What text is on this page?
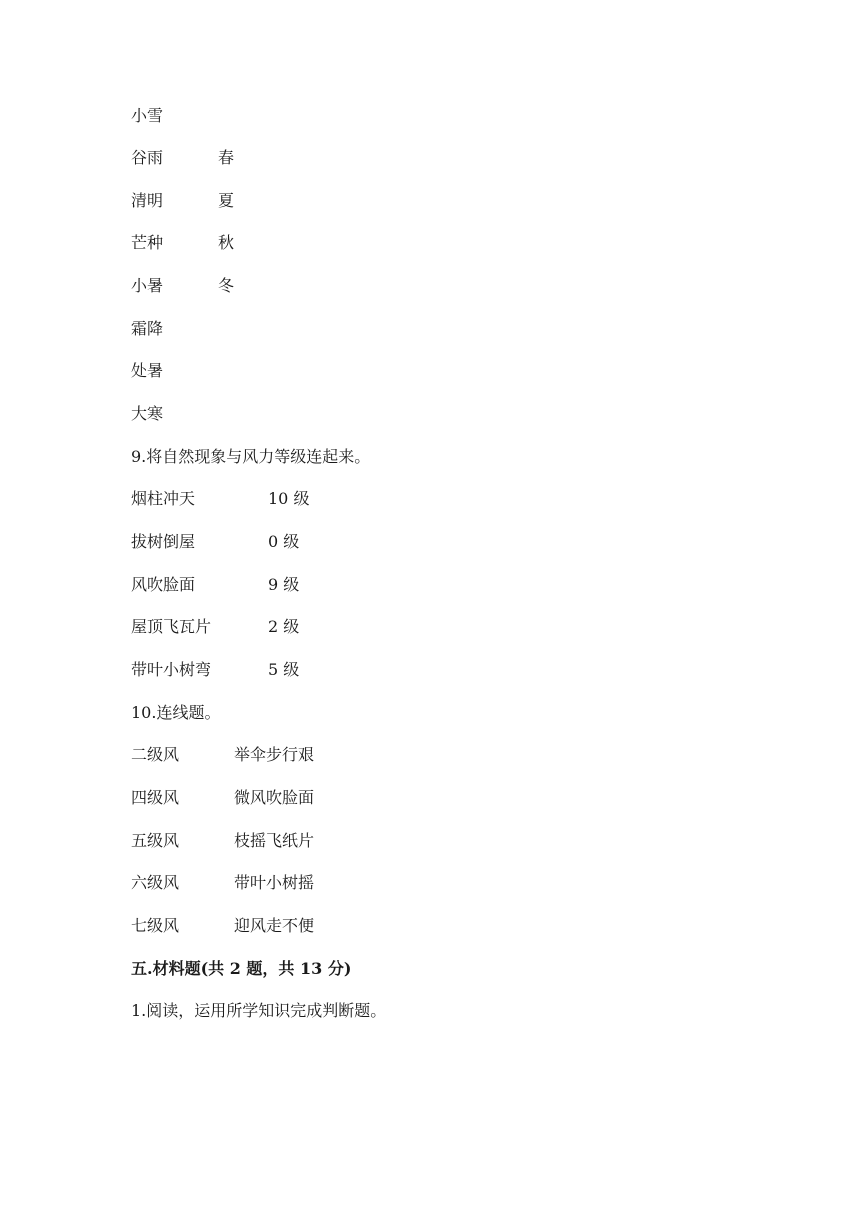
小雪
谷雨	春
清明	夏
芒种	秋
小暑	冬
霜降
处暑
大寒
9.将自然现象与风力等级连起来。
烟柱冲天	10 级
拔树倒屋	0 级
风吹脸面	9 级
屋顶飞瓦片	2 级
带叶小树弯	5 级
10.连线题。
二级风	举伞步行艰
四级风	微风吹脸面
五级风	枝摇飞纸片
六级风	带叶小树摇
七级风	迎风走不便
五.材料题(共 2 题，共 13 分)
1.阅读，运用所学知识完成判断题。
